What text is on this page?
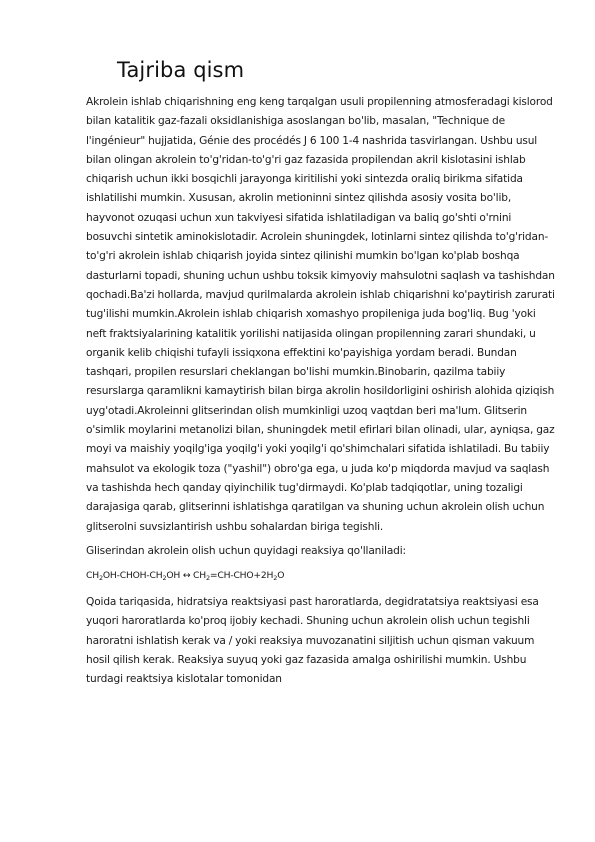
Tajriba qism

Akrolein ishlab chiqarishning eng keng tarqalgan usuli propilenning atmosferadagi kislorod bilan katalitik gaz-fazali oksidlanishiga asoslangan bo'lib, masalan, "Technique de l'ingénieur" hujjatida, Génie des procédés J 6 100 1-4 nashrida tasvirlangan. Ushbu usul bilan olingan akrolein to'g'ridan-to'g'ri gaz fazasida propilendan akril kislotasini ishlab chiqarish uchun ikki bosqichli jarayonga kiritilishi yoki sintezda oraliq birikma sifatida ishlatilishi mumkin. Xususan, akrolin metioninni sintez qilishda asosiy vosita bo'lib, hayvonot ozuqasi uchun xun takviyesi sifatida ishlatiladigan va baliq go'shti o'rnini bosuvchi sintetik aminokislotadir. Acrolein shuningdek, lotinlarni sintez qilishda to'g'ridan-to'g'ri akrolein ishlab chiqarish joyida sintez qilinishi mumkin bo'lgan ko'plab boshqa dasturlarni topadi, shuning uchun ushbu toksik kimyoviy mahsulotni saqlash va tashishdan qochadi.Ba'zi hollarda, mavjud qurilmalarda akrolein ishlab chiqarishni ko'paytirish zarurati tug'ilishi mumkin.Akrolein ishlab chiqarish xomashyo propileniga juda bog'liq. Bug 'yoki neft fraktsiyalarining katalitik yorilishi natijasida olingan propilenning zarari shundaki, u organik kelib chiqishi tufayli issiqxona effektini ko'payishiga yordam beradi. Bundan tashqari, propilen resurslari cheklangan bo'lishi mumkin.Binobarin, qazilma tabiiy resurslarga qaramlikni kamaytirish bilan birga akrolin hosildorligini oshirish alohida qiziqish uyg'otadi.Akroleinni glitserindan olish mumkinligi uzoq vaqtdan beri ma'lum. Glitserin o'simlik moylarini metanolizi bilan, shuningdek metil efirlari bilan olinadi, ular, ayniqsa, gaz moyi va maishiy yoqilg'iga yoqilg'i yoki yoqilg'i qo'shimchalari sifatida ishlatiladi. Bu tabiiy mahsulot va ekologik toza ("yashil") obro'ga ega, u juda ko'p miqdorda mavjud va saqlash va tashishda hech qanday qiyinchilik tug'dirmaydi. Ko'plab tadqiqotlar, uning tozaligi darajasiga qarab, glitserinni ishlatishga qaratilgan va shuning uchun akrolein olish uchun glitserolni suvsizlantirish ushbu sohalardan biriga tegishli.

Gliserindan akrolein olish uchun quyidagi reaksiya qo'llaniladi:

$CH_2OH-CHOH-CH_2OH$ ↔ $CH_2=CH-CHO+2H_2O$

Qoida tariqasida, hidratsiya reaktsiyasi past haroratlarda, degidratatsiya reaktsiyasi esa yuqori haroratlarda ko'proq ijobiy kechadi. Shuning uchun akrolein olish uchun tegishli haroratni ishlatish kerak va / yoki reaksiya muvozanatini siljitish uchun qisman vakuum hosil qilish kerak. Reaksiya suyuq yoki gaz fazasida amalga oshirilishi mumkin. Ushbu turdagi reaktsiya kislotalar tomonidan
